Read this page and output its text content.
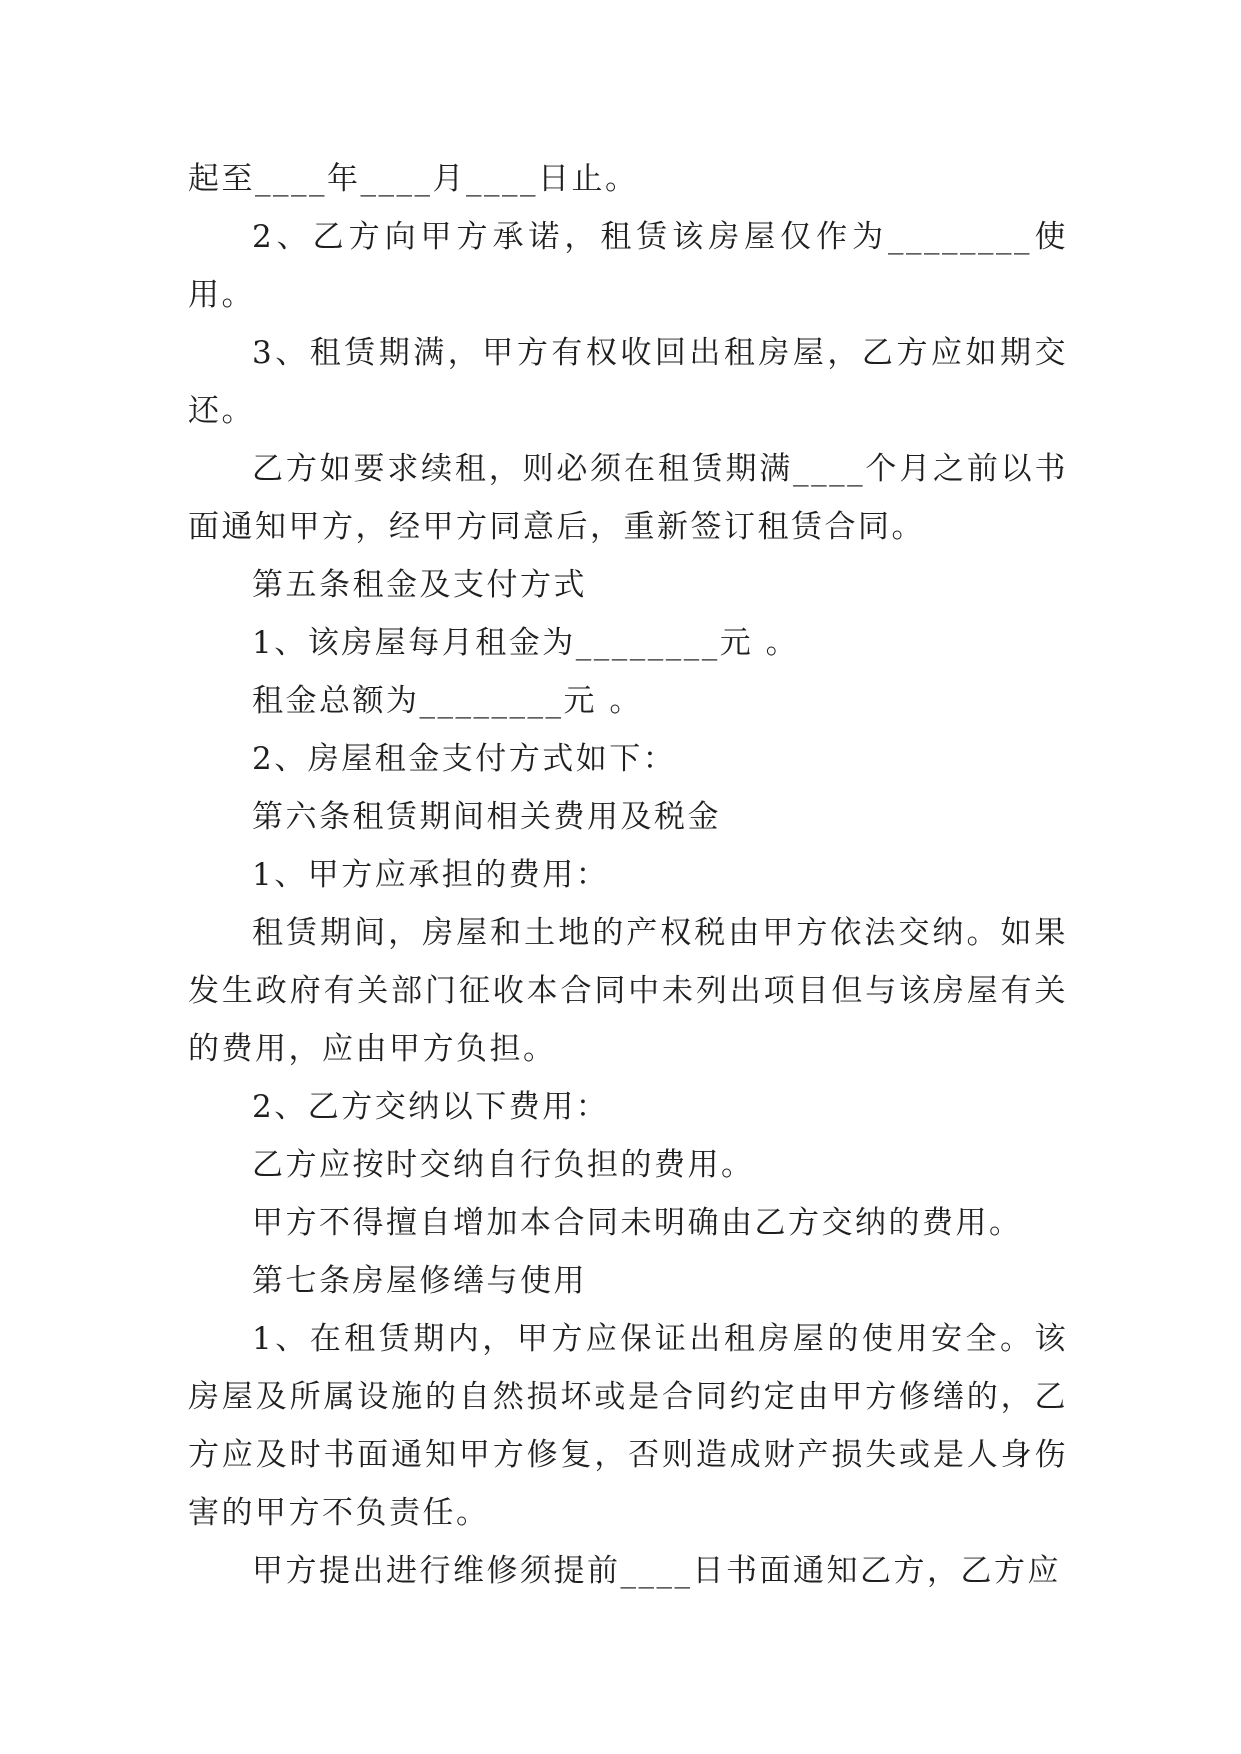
起至____年____月____日止。

2、乙方向甲方承诺，租赁该房屋仅作为________使用。

3、租赁期满，甲方有权收回出租房屋，乙方应如期交还。

乙方如要求续租，则必须在租赁期满____个月之前以书面通知甲方，经甲方同意后，重新签订租赁合同。

第五条租金及支付方式

1、该房屋每月租金为________元 。

租金总额为________元 。

2、房屋租金支付方式如下：

第六条租赁期间相关费用及税金

1、甲方应承担的费用：

租赁期间，房屋和土地的产权税由甲方依法交纳。如果发生政府有关部门征收本合同中未列出项目但与该房屋有关的费用，应由甲方负担。

2、乙方交纳以下费用：

乙方应按时交纳自行负担的费用。

甲方不得擅自增加本合同未明确由乙方交纳的费用。

第七条房屋修缮与使用

1、在租赁期内，甲方应保证出租房屋的使用安全。该房屋及所属设施的自然损坏或是合同约定由甲方修缮的，乙方应及时书面通知甲方修复，否则造成财产损失或是人身伤害的甲方不负责任。

甲方提出进行维修须提前____日书面通知乙方，乙方应
